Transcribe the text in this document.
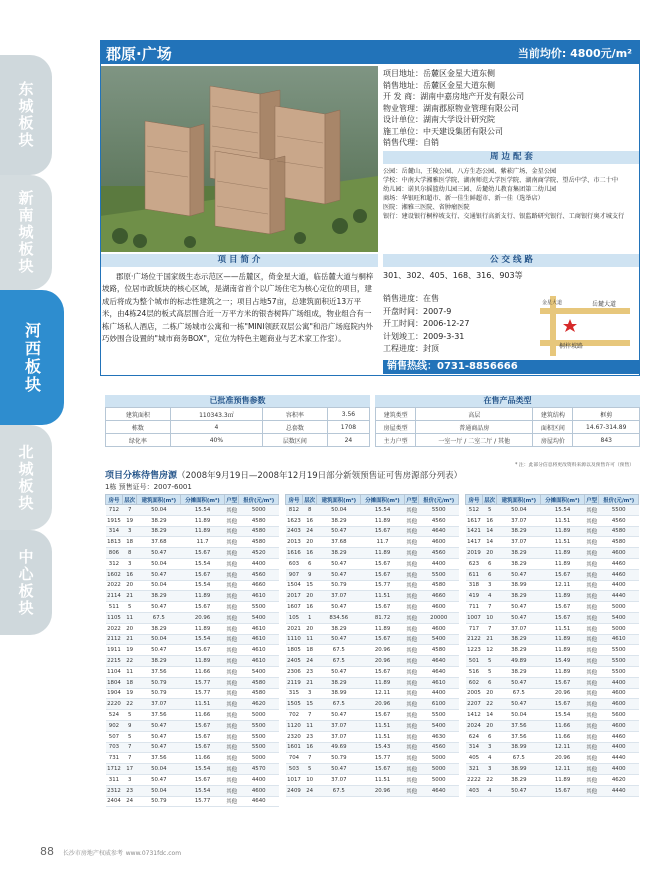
东城板块
新南城板块
河西板块
北城板块
中心板块
郡原·广场	当前均价: 4800元/m²
项目地址：岳麓区金星大道东侧
销售地址：岳麓区金星大道东侧
开 发 商：湖南中嘉房地产开发有限公司
物业管理：湖南郡原物业管理有限公司
设计单位：湖南大学设计研究院
施工单位：中天建设集团有限公司
销售代理：自销
周 边 配 套
公园：岳麓山、王陵公园、八方生态公园、紫菘广场、金星公园
学校：中南大学湘雅医学院、湖南师范大学医学院、湖南商学院、望岳中学、市二十中
幼儿园：诺贝尔摇篮幼儿园三园、岳麓幼儿教育集团第二幼儿园
商场：华银旺和超市、新一佳生鲜超市、新一佳（选举店）
医院：湘雅三医院、省肿瘤医院
银行：建设银行桐梓坡支行、交通银行高新支行、银监路研究银行、工商银行奥才城支行
项 目 简 介
郡原·广场位于国家级生态示范区——岳麓区，倚金星大道，临岳麓大道与桐梓坡路，位居市政版块的核心区域，是湖南省首个以广场住宅为核心定位的项目，建成后将成为整个城市的标志性建筑之一；项目占地57亩，总建筑面积近13万平米，由4栋24层的板式高层围合近一万平方米的银杏树阵广场组成，物业组合有一栋广场私人酒店，二栋广场城市公寓和一栋"MINI领跃双层公寓"和沿广场庭院内外巧妙围合设置的"城市商务BOX"，定位为特色主题商业与艺术家工作室）。
公 交 线 路
301、302、405、168、316、903等
销售进度：在售
开盘时间：2007-9
开工时间：2006-12-27
计划竣工：2009-3-31
工程进度：封顶
岳麓大道
桐梓坡路
金星大道
销售热线：0731-8856666
已批准预售参数
建筑面积	110343.3㎡	容积率	3.56
栋数	4	总套数	1708
绿化率	40%	层数区间	24
在售产品类型
建筑类型	高层	建筑结构	框剪
房屋类型	普通商品房	面积区间	14.67-314.89
主力户型	一室一厅 / 二室二厅 / 其他	房屋均价	843
* 注：此部分信息将更改资料来源以及预售许可（预售）
项目分栋待售房源（2008年9月19日—2008年12月19日部分新领预售证可售房源部分列表）
1栋 预售证号：2007-6001
房号	层次	建筑面积(m²)	分摊面积(m²)	户型	报价(元/m²)
712	7	50.04	15.54	其他	5000
1915	19	38.29	11.89	其他	4580
314	3	38.29	11.89	其他	4580
1813	18	37.68	11.7	其他	4580
806	8	50.47	15.67	其他	4520
312	3	50.04	15.54	其他	4400
1602	16	50.47	15.67	其他	4560
2022	20	50.04	15.54	其他	4660
2114	21	38.29	11.89	其他	4610
511	5	50.47	15.67	其他	5500
1105	11	67.5	20.96	其他	5400
2022	20	38.29	11.89	其他	4610
2112	21	50.04	15.54	其他	4610
1911	19	50.47	15.67	其他	4610
2215	22	38.29	11.89	其他	4610
1104	11	37.56	11.66	其他	5400
1804	18	50.79	15.77	其他	4580
1904	19	50.79	15.77	其他	4580
2220	22	37.07	11.51	其他	4620
524	5	37.56	11.66	其他	5000
902	9	50.47	15.67	其他	5500
507	5	50.47	15.67	其他	5500
703	7	50.47	15.67	其他	5500
731	7	37.56	11.66	其他	5000
1712	17	50.04	15.54	其他	4570
311	3	50.47	15.67	其他	4400
2312	23	50.04	15.54	其他	4600
2404	24	50.79	15.77	其他	4640
房号	层次	建筑面积(m²)	分摊面积(m²)	户型	报价(元/m²)
812	8	50.04	15.54	其他	5500
1623	16	38.29	11.89	其他	4560
2403	24	50.47	15.67	其他	4640
2013	20	37.68	11.7	其他	4600
1616	16	38.29	11.89	其他	4560
603	6	50.47	15.67	其他	4400
907	9	50.47	15.67	其他	5500
1504	15	50.79	15.77	其他	4580
2017	20	37.07	11.51	其他	4660
1607	16	50.47	15.67	其他	4600
105	1	834.56	81.72	其他	20000
2021	20	38.29	11.89	其他	4600
1110	11	50.47	15.67	其他	5400
1805	18	67.5	20.96	其他	4580
2405	24	67.5	20.96	其他	4640
2306	23	50.47	15.67	其他	4640
2119	21	38.29	11.89	其他	4610
315	3	38.99	12.11	其他	4400
1505	15	67.5	20.96	其他	6100
702	7	50.47	15.67	其他	5500
1120	11	37.07	11.51	其他	5400
2320	23	37.07	11.51	其他	4630
1601	16	49.69	15.43	其他	4560
704	7	50.79	15.77	其他	5000
503	5	50.47	15.67	其他	5000
1017	10	37.07	11.51	其他	5000
2409	24	67.5	20.96	其他	4640
房号	层次	建筑面积(m²)	分摊面积(m²)	户型	报价(元/m²)
512	5	50.04	15.54	其他	5500
1617	16	37.07	11.51	其他	4560
1421	14	38.29	11.89	其他	4580
1417	14	37.07	11.51	其他	4580
2019	20	38.29	11.89	其他	4600
623	6	38.29	11.89	其他	4460
611	6	50.47	15.67	其他	4460
318	3	38.99	12.11	其他	4400
419	4	38.29	11.89	其他	4440
711	7	50.47	15.67	其他	5000
1007	10	50.47	15.67	其他	5400
717	7	37.07	11.51	其他	5000
2122	21	38.29	11.89	其他	4610
1223	12	38.29	11.89	其他	5500
501	5	49.89	15.49	其他	5500
516	5	38.29	11.89	其他	5500
602	6	50.47	15.67	其他	4400
2005	20	67.5	20.96	其他	4600
2207	22	50.47	15.67	其他	4600
1412	14	50.04	15.54	其他	5600
2024	20	37.56	11.66	其他	4600
624	6	37.56	11.66	其他	4460
314	3	38.99	12.11	其他	4400
405	4	67.5	20.96	其他	4440
321	3	38.99	12.11	其他	4400
2222	22	38.29	11.89	其他	4620
403	4	50.47	15.67	其他	4440
88 长沙市房地产权威参考 www.0731fdc.com
